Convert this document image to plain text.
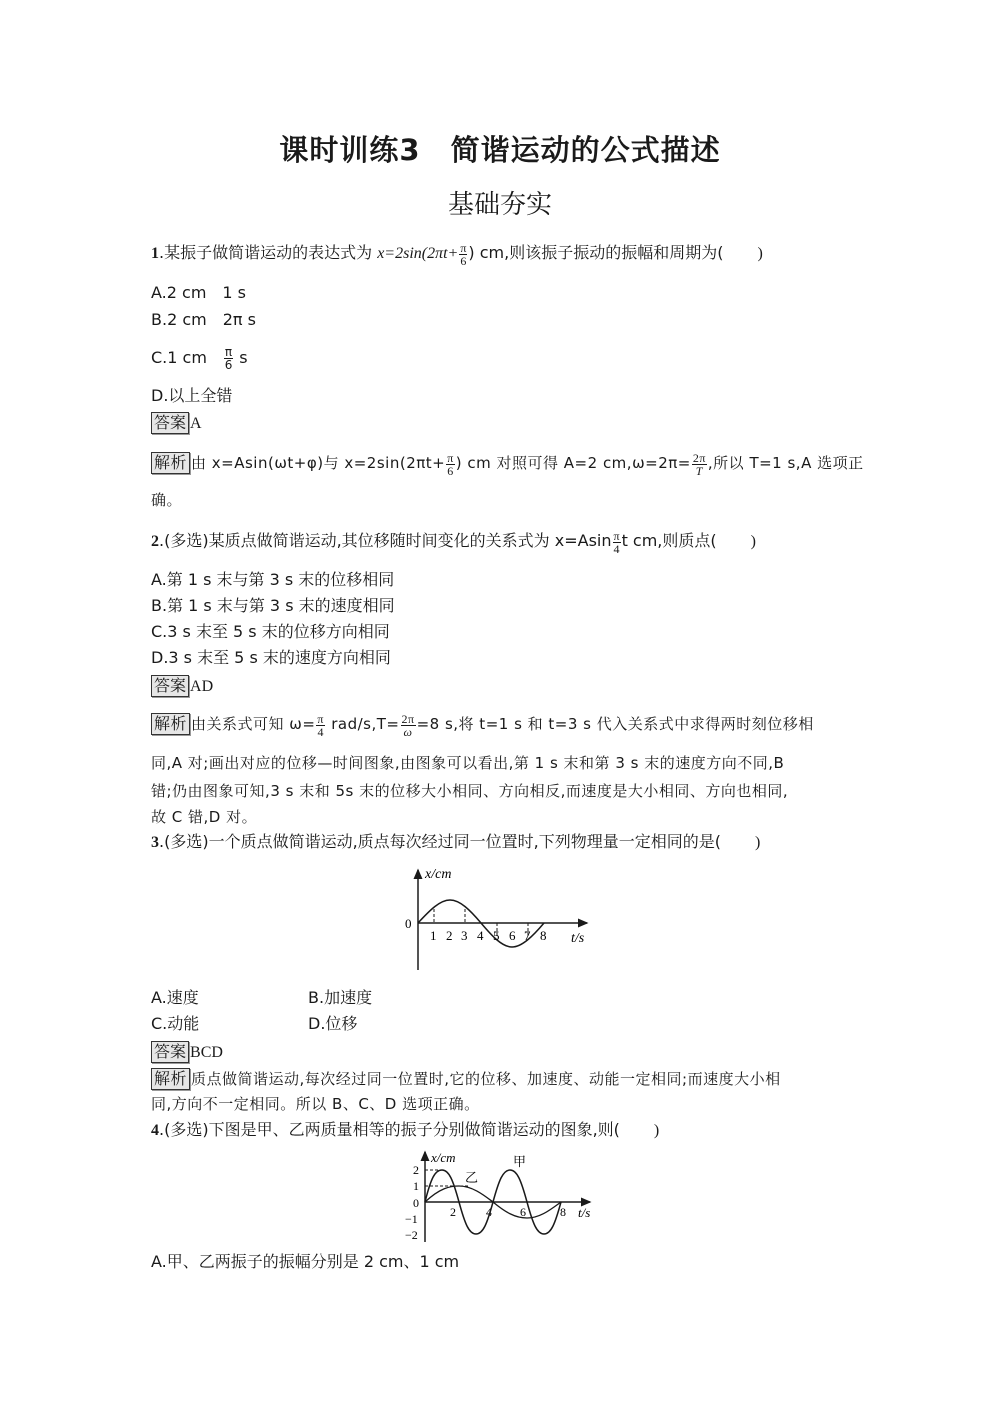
课时训练3　简谐运动的公式描述
基础夯实
1.某振子做简谐运动的表达式为 $x=2\sin(2\pi t+ \frac{\pi}{6}$ ) cm,则该振子振动的振幅和周期为( )
A.2 cm　1 s
B.2 cm　2π s
C.1 cm　 $\frac{\pi}{6}$ s
D.以上全错
答案 A
解析 由 x=Asin(ωt+φ)与 $x=2\sin(2\pi t+ \frac{\pi}{6}$ ) cm 对照可得 A=2 $cm,\omega=2\pi= \frac{2\pi}{T}$ ,所以 T=1 s,A 选项正
确。
2.(多选)某质点做简谐运动,其位移随时间变化的关系式为 $x=Asin \frac{\pi}{4}$ t cm,则质点( )
A.第 1 s 末与第 3 s 末的位移相同
B.第 1 s 末与第 3 s 末的速度相同
C.3 s 末至 5 s 末的位移方向相同
D.3 s 末至 5 s 末的速度方向相同
答案 AD
解析 由关系式可知 $\omega= \frac{\pi}{4} rad/s,T= \frac{2\pi}{\omega} =8$ s,将 t=1 s 和 t=3 s 代入关系式中求得两时刻位移相
同,A 对;画出对应的位移—时间图象,由图象可以看出,第 1 s 末和第 3 s 末的速度方向不同,B
错;仍由图象可知,3 s 末和 5s 末的位移大小相同、方向相反,而速度是大小相同、方向也相同,
故 C 错,D 对。
3.(多选)一个质点做简谐运动,质点每次经过同一位置时,下列物理量一定相同的是( )
x/cm
0
t/s
1 2 3 4 5 6 7 8
A.速度	B.加速度
C.动能	D.位移
答案 BCD
解析 质点做简谐运动,每次经过同一位置时,它的位移、加速度、动能一定相同;而速度大小相
同,方向不一定相同。所以 B、C、D 选项正确。
4.(多选)下图是甲、乙两质量相等的振子分别做简谐运动的图象,则( )
x/cm
t/s
2
1
0
−1
−2
2	4 6	8
甲
乙
A.甲、乙两振子的振幅分别是 2 cm、1 cm
